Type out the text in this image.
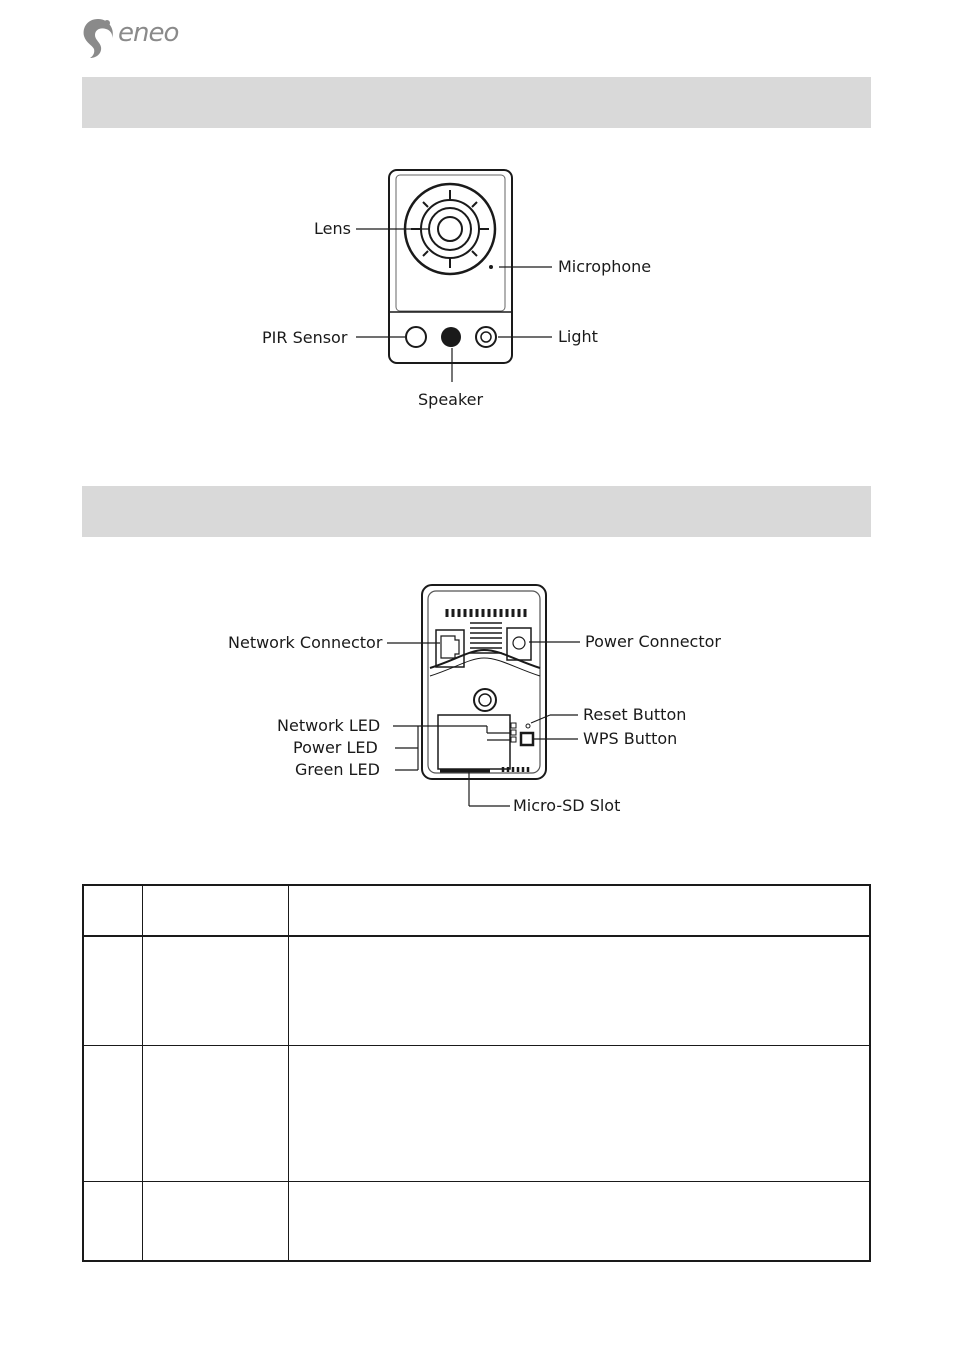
eneo
Lens
Microphone
PIR Sensor	Light
Speaker
Network Connector	Power Connector
Network LED
Power LED
Green LED
Reset Button
WPS Button
Micro-SD Slot
